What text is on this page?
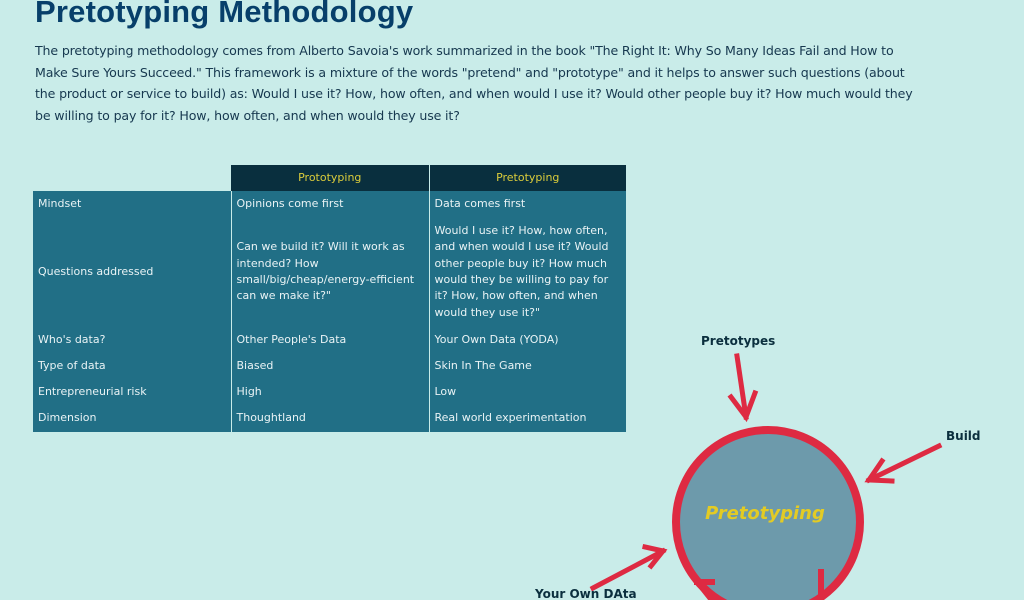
Pretotyping Methodology

The pretotyping methodology comes from Alberto Savoia's work summarized in the book "The Right It: Why So Many Ideas Fail and How to Make Sure Yours Succeed." This framework is a mixture of the words "pretend" and "prototype" and it helps to answer such questions (about the product or service to build) as: Would I use it? How, how often, and when would I use it? Would other people buy it? How much would they be willing to pay for it? How, how often, and when would they use it?

	Prototyping	Pretotyping
Mindset	Opinions come first	Data comes first
Questions addressed	Can we build it? Will it work as intended? How small/big/cheap/energy-efficient can we make it?"	Would I use it? How, how often, and when would I use it? Would other people buy it? How much would they be willing to pay for it? How, how often, and when would they use it?"
Who's data?	Other People's Data	Your Own Data (YODA)
Type of data	Biased	Skin In The Game
Entrepreneurial risk	High	Low
Dimension	Thoughtland	Real world experimentation
Pretotypes
Build
Your Own DAta
Pretotyping
